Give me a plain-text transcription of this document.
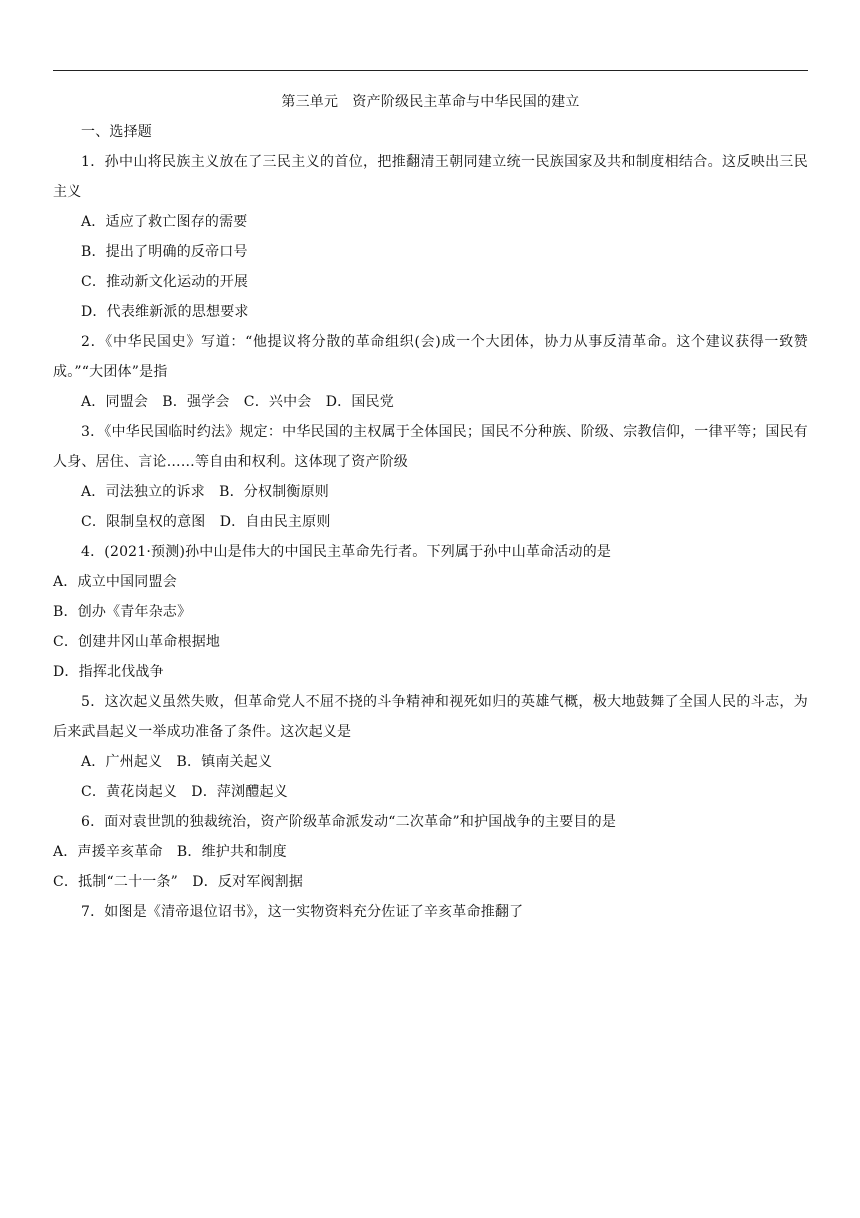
第三单元　资产阶级民主革命与中华民国的建立
一、选择题
1．孙中山将民族主义放在了三民主义的首位，把推翻清王朝同建立统一民族国家及共和制度相结合。这反映出三民主义
A．适应了救亡图存的需要
B．提出了明确的反帝口号
C．推动新文化运动的开展
D．代表维新派的思想要求
2．《中华民国史》写道：“他提议将分散的革命组织(会)成一个大团体，协力从事反清革命。这个建议获得一致赞成。”“大团体”是指
A．同盟会　B．强学会　C．兴中会　D．国民党
3．《中华民国临时约法》规定：中华民国的主权属于全体国民；国民不分种族、阶级、宗教信仰，一律平等；国民有人身、居住、言论……等自由和权利。这体现了资产阶级
A．司法独立的诉求　B．分权制衡原则
C．限制皇权的意图　D．自由民主原则
4．(2021·预测)孙中山是伟大的中国民主革命先行者。下列属于孙中山革命活动的是
A．成立中国同盟会
B．创办《青年杂志》
C．创建井冈山革命根据地
D．指挥北伐战争
5．这次起义虽然失败，但革命党人不屈不挠的斗争精神和视死如归的英雄气概，极大地鼓舞了全国人民的斗志，为后来武昌起义一举成功准备了条件。这次起义是
A．广州起义　B．镇南关起义
C．黄花岗起义　D．萍浏醴起义
6．面对袁世凯的独裁统治，资产阶级革命派发动“二次革命”和护国战争的主要目的是
A．声援辛亥革命　B．维护共和制度
C．抵制“二十一条”　D．反对军阀割据
7．如图是《清帝退位诏书》，这一实物资料充分佐证了辛亥革命推翻了
